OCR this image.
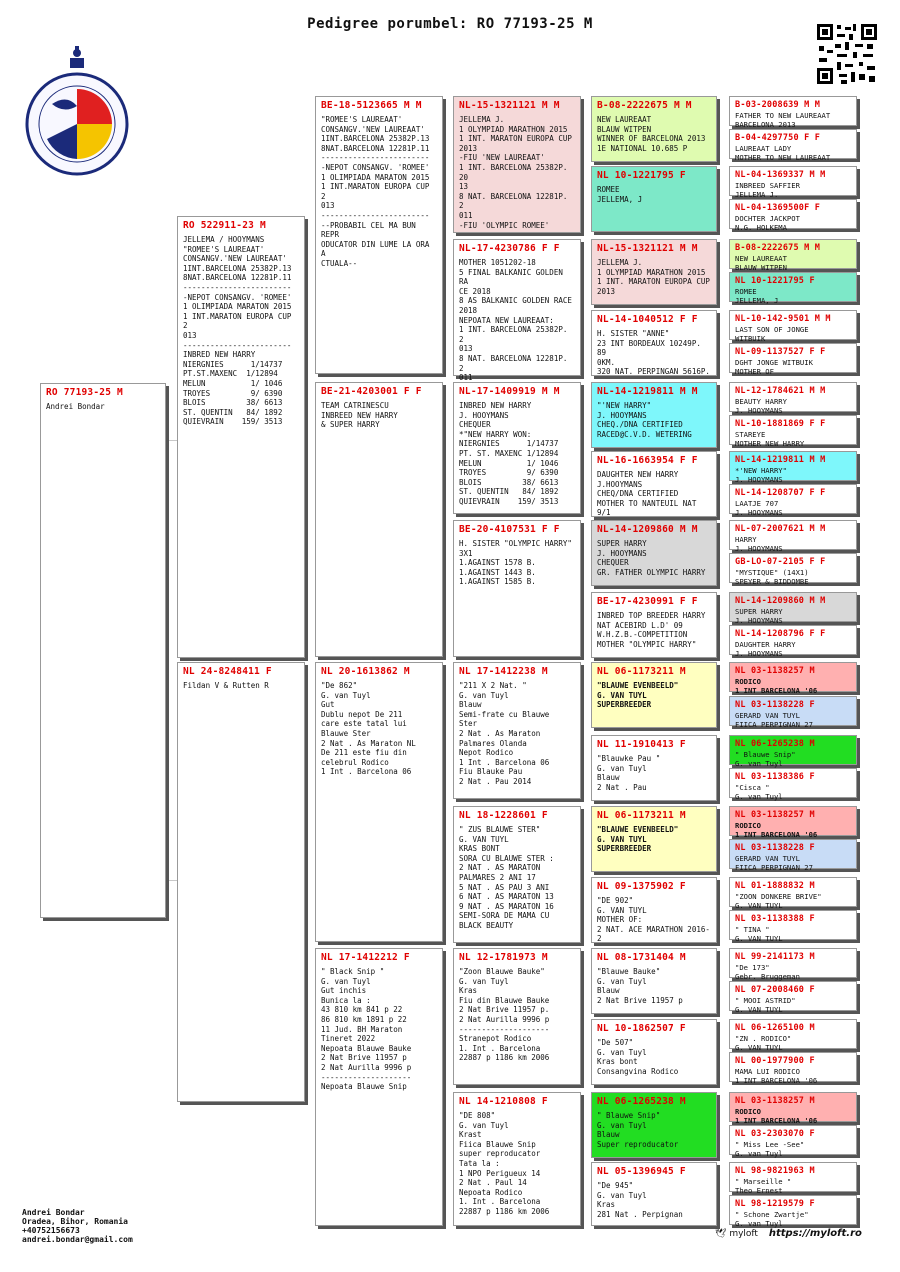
Pedigree porumbel: RO 77193-25 M
RO 77193-25 M
Andrei Bondar
RO 522911-23 M
JELLEMA / HOOYMANS
"ROMEE'S LAUREAAT'
CONSANGV.'NEW LAUREAAT'
1INT.BARCELONA 25382P.13
8NAT.BARCELONA 12281P.11
------------------------
-NEPOT CONSANGV. 'ROMEE'
1 OLIMPIADA MARATON 2015
1 INT.MARATON EUROPA CUP 2
013
------------------------
INBRED NEW HARRY
NIERGNIES      1/14737
PT.ST.MAXENC  1/12894
MELUN          1/ 1046
TROYES         9/ 6390
BLOIS         38/ 6613
ST. QUENTIN   84/ 1892
QUIEVRAIN    159/ 3513
NL 24-8248411 F
Fildan V & Rutten R
BE-18-5123665 M M
"ROMEE'S LAUREAAT'
CONSANGV.'NEW LAUREAAT'
1INT.BARCELONA 25382P.13
8NAT.BARCELONA 12281P.11
------------------------
-NEPOT CONSANGV. 'ROMEE'
1 OLIMPIADA MARATON 2015
1 INT.MARATON EUROPA CUP 2
013
------------------------
--PROBABIL CEL MA BUN REPR
ODUCATOR DIN LUME LA ORA A
CTUALA--
BE-21-4203001 F F
TEAM CATRINESCU
INBREED NEW HARRY
& SUPER HARRY
NL 20-1613862 M
"De 862"
G. van Tuyl
Gut
Dublu nepot De 211
care este tatal lui
Blauwe Ster
2 Nat . As Maraton NL
De 211 este fiu din
celebrul Rodico
1 Int . Barcelona 06
NL 17-1412212 F
" Black Snip "
G. van Tuyl
Gut inchis
Bunica la :
43 810 km 841 p 22
86 810 km 1891 p 22
11 Jud. BH Maraton
Tineret 2022
Nepoata Blauwe Bauke
2 Nat Brive 11957 p
2 Nat Aurilla 9996 p
--------------------
Nepoata Blauwe Snip
NL-15-1321121 M M
JELLEMA J.
1 OLYMPIAD MARATHON 2015
1 INT. MARATON EUROPA CUP
2013
-FIU 'NEW LAUREAAT'
1 INT. BARCELONA 25382P. 20
13
8 NAT. BARCELONA 12281P. 2
011
-FIU 'OLYMPIC ROMEE'
NL-17-4230786 F F
MOTHER 1051202-18
5 FINAL BALKANIC GOLDEN RA
CE 2018
8 AS BALKANIC GOLDEN RACE
2018
NEPOATA NEW LAUREAAT:
1 INT. BARCELONA 25382P. 2
013
8 NAT. BARCELONA 12281P. 2
011
NL-17-1409919 M M
INBRED NEW HARRY
J. HOOYMANS
CHEQUER
*"NEW HARRY WON:
NIERGNIES      1/14737
PT. ST. MAXENC 1/12894
MELUN          1/ 1046
TROYES         9/ 6390
BLOIS         38/ 6613
ST. QUENTIN   84/ 1892
QUIEVRAIN    159/ 3513
BE-20-4107531 F F
H. SISTER "OLYMPIC HARRY"
3X1
1.AGAINST 1578 B.
1.AGAINST 1443 B.
1.AGAINST 1585 B.
NL 17-1412238 M
"211 X 2 Nat. "
G. van Tuyl
Blauw
Semi-frate cu Blauwe
Ster
2 Nat . As Maraton
Palmares Olanda
Nepot Rodico
1 Int . Barcelona 06
Fiu Blauke Pau
2 Nat . Pau 2014
NL 18-1228601 F
" ZUS BLAUWE STER"
G. VAN TUYL
KRAS BONT
SORA CU BLAUWE STER :
2 NAT . AS MARATON
PALMARES 2 ANI 17
5 NAT . AS PAU 3 ANI
6 NAT . AS MARATON 13
9 NAT . AS MARATON 16
SEMI-SORA DE MAMA CU
BLACK BEAUTY
NL 12-1781973 M
"Zoon Blauwe Bauke"
G. van Tuyl
Kras
Fiu din Blauwe Bauke
2 Nat Brive 11957 p.
2 Nat Aurilla 9996 p
--------------------
Stranepot Rodico
1. Int . Barcelona
22887 p 1186 km 2006
NL 14-1210808 F
"DE 808"
G. van Tuyl
Krast
Fiica Blauwe Snip
super reproducator
Tata la :
1 NPO Perigueux 14
2 Nat . Paul 14
Nepoata Rodico
1. Int . Barcelona
22887 p 1186 km 2006
B-08-2222675 M M
NEW LAUREAAT
BLAUW WITPEN
WINNER OF BARCELONA 2013
1E NATIONAL 10.685 P
NL 10-1221795 F
ROMEE
JELLEMA, J
NL-15-1321121 M M
JELLEMA J.
1 OLYMPIAD MARATHON 2015
1 INT. MARATON EUROPA CUP
2013
NL-14-1040512 F F
H. SISTER "ANNE"
23 INT BORDEAUX 10249P. 89
0KM.
320 NAT. PERPINGAN 5616P.
NL-14-1219811 M M
"'NEW HARRY"
J. HOOYMANS
CHEQ./DNA CERTIFIED
RACED@C.V.D. WETERING
NL-16-1663954 F F
DAUGHTER NEW HARRY
J.HOOYMANS
CHEQ/DNA CERTIFIED
MOTHER TO NANTEUIL NAT 9/1
NL-14-1209860 M M
SUPER HARRY
J. HOOYMANS
CHEQUER
GR. FATHER OLYMPIC HARRY
BE-17-4230991 F F
INBRED TOP BREEDER HARRY
NAT ACEBIRD L.D' 09
W.H.Z.B.-COMPETITION
MOTHER "OLYMPIC HARRY"
NL 06-1173211 M
"BLAUWE EVENBEELD"
G. VAN TUYL
SUPERBREEDER
NL 11-1910413 F
"Blauwke Pau "
G. van Tuyl
Blauw
2 Nat . Pau
NL 06-1173211 M
"BLAUWE EVENBEELD"
G. VAN TUYL
SUPERBREEDER
NL 09-1375902 F
"DE 902"
G. VAN TUYL
MOTHER OF:
2 NAT. ACE MARATHON 2016-2
NL 08-1731404 M
"Blauwe Bauke"
G. van Tuyl
Blauw
2 Nat Brive 11957 p
NL 10-1862507 F
"De 507"
G. van Tuyl
Kras bont
Consangvina Rodico
NL 06-1265238 M
" Blauwe Snip"
G. van Tuyl
Blauw
Super reproducator
NL 05-1396945 F
"De 945"
G. van Tuyl
Kras
281 Nat . Perpignan
B-03-2008639 M M
FATHER TO NEW LAUREAAT
BARCELONA 2013
B-04-4297750 F F
LAUREAAT LADY
MOTHER TO NEW LAUREAAT
NL-04-1369337 M M
INBREED SAFFIER
JELLEMA J.
NL-04-1369500F F
DOCHTER JACKPOT
N.G. HOLKEMA
B-08-2222675 M M
NEW LAUREAAT
BLAUW WITPEN
NL 10-1221795 F
ROMEE
JELLEMA, J
NL-10-142-9501 M M
LAST SON OF JONGE
WITBUIK
NL-09-1137527 F F
DGHT JONGE WITBUIK
MOTHER OF
NL-12-1784621 M M
BEAUTY HARRY
J. HOOYMANS
NL-10-1881869 F F
STAREYE
MOTHER NEW HARRY
NL-14-1219811 M M
*'NEW HARRY"
J. HOOYMANS
NL-14-1208707 F F
LAATJE 707
J. HOOYMANS
NL-07-2007621 M M
HARRY
J. HOOYMANS
GB-LO-07-2105 F F
"MYSTIQUE" (14X1)
SPEYER & BIDDOMBE
NL-14-1209860 M M
SUPER HARRY
J. HOOYMANS
NL-14-1208796 F F
DAUGHTER HARRY
J. HOOYMANS
NL 03-1138257 M
RODICO
1 INT BARCELONA '06
NL 03-1138228 F
GERARD VAN TUYL
FIICA PERPIGNAN 27
NL 06-1265238 M
" Blauwe Snip"
G. van Tuyl
NL 03-1138386 F
"Cisca "
G. van Tuyl
NL 03-1138257 M
RODICO
1 INT BARCELONA '06
NL 03-1138228 F
GERARD VAN TUYL
FIICA PERPIGNAN 27
NL 01-1888832 M
"ZOON DONKERE BRIVE"
G. VAN TUYL
NL 03-1138388 F
" TINA "
G. VAN TUYL
NL 99-2141173 M
"De 173"
Gebr. Bruggeman
NL 07-2008460 F
" MOOI ASTRID"
G. VAN TUYL
NL 06-1265100 M
"ZN . RODICO"
G. VAN TUYL
NL 00-1977900 F
MAMA LUI RODICO
1 INT BARCELONA '06
NL 03-1138257 M
RODICO
1 INT BARCELONA '06
NL 03-2303070 F
" Miss Lee -See"
G. van Tuyl
NL 98-9821963 M
" Marseille "
Theo Ernest
NL 98-1219579 F
" Schone Zwartje"
G. van Tuyl
Andrei Bondar
Oradea, Bihor, Romania
+40752156673
andrei.bondar@gmail.com
🕊 myloft https://myloft.ro
